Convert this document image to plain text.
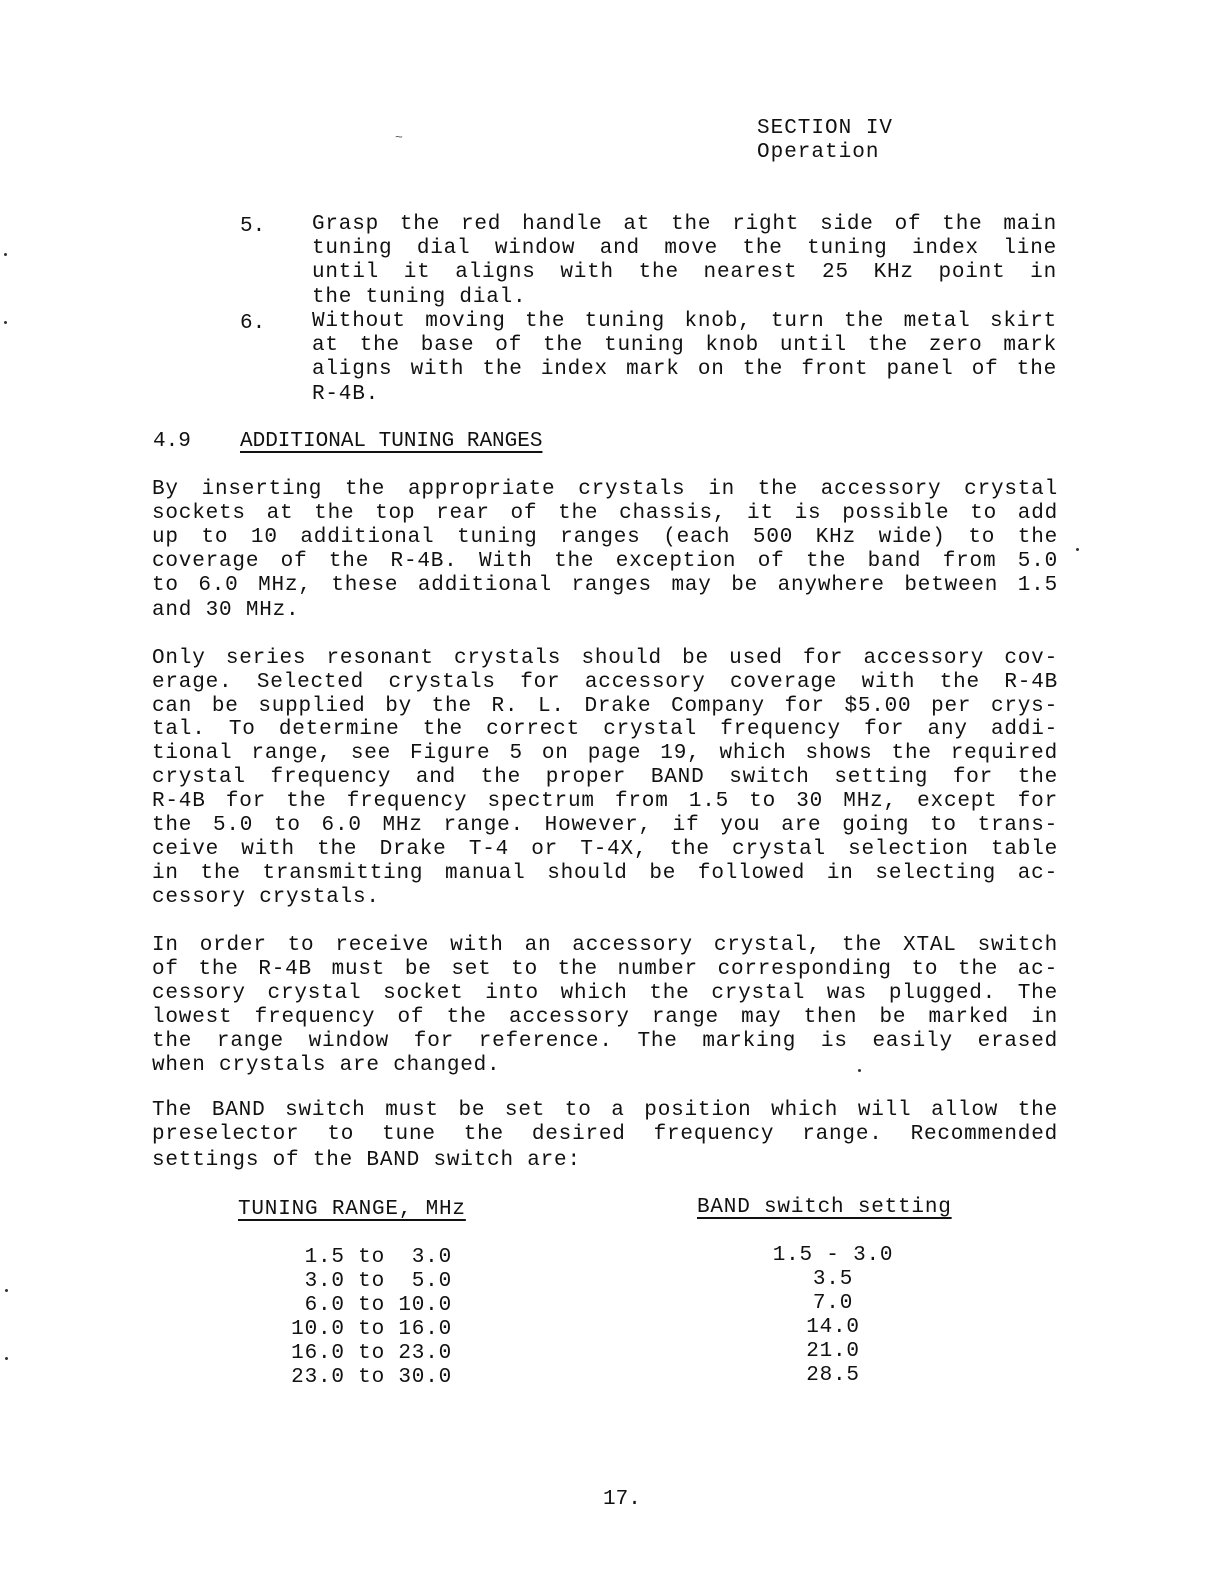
SECTION IV
Operation
5. Grasp the red handle at the right side of the main
tuning dial window and move the tuning index line
until it aligns with the nearest 25 KHz point in
the tuning dial.
6. Without moving the tuning knob, turn the metal skirt
at the base of the tuning knob until the zero mark
aligns with the index mark on the front panel of the
R-4B.
4.9 ADDITIONAL TUNING RANGES
By inserting the appropriate crystals in the accessory crystal
sockets at the top rear of the chassis, it is possible to add
up to 10 additional tuning ranges (each 500 KHz wide) to the
coverage of the R-4B. With the exception of the band from 5.0
to 6.0 MHz, these additional ranges may be anywhere between 1.5
and 30 MHz.
Only series resonant crystals should be used for accessory cov-
erage. Selected crystals for accessory coverage with the R-4B
can be supplied by the R. L. Drake Company for $5.00 per crys-
tal. To determine the correct crystal frequency for any addi-
tional range, see Figure 5 on page 19, which shows the required
crystal frequency and the proper BAND switch setting for the
R-4B for the frequency spectrum from 1.5 to 30 MHz, except for
the 5.0 to 6.0 MHz range. However, if you are going to trans-
ceive with the Drake T-4 or T-4X, the crystal selection table
in the transmitting manual should be followed in selecting ac-
cessory crystals.
In order to receive with an accessory crystal, the XTAL switch
of the R-4B must be set to the number corresponding to the ac-
cessory crystal socket into which the crystal was plugged. The
lowest frequency of the accessory range may then be marked in
the range window for reference. The marking is easily erased
when crystals are changed.
The BAND switch must be set to a position which will allow the
preselector to tune the desired frequency range. Recommended
settings of the BAND switch are:
TUNING RANGE, MHz	BAND switch setting
1.5 to  3.0	1.5 - 3.0
3.0 to  5.0	3.5
6.0 to 10.0	7.0
10.0 to 16.0	14.0
16.0 to 23.0	21.0
23.0 to 30.0	28.5
17.
~
